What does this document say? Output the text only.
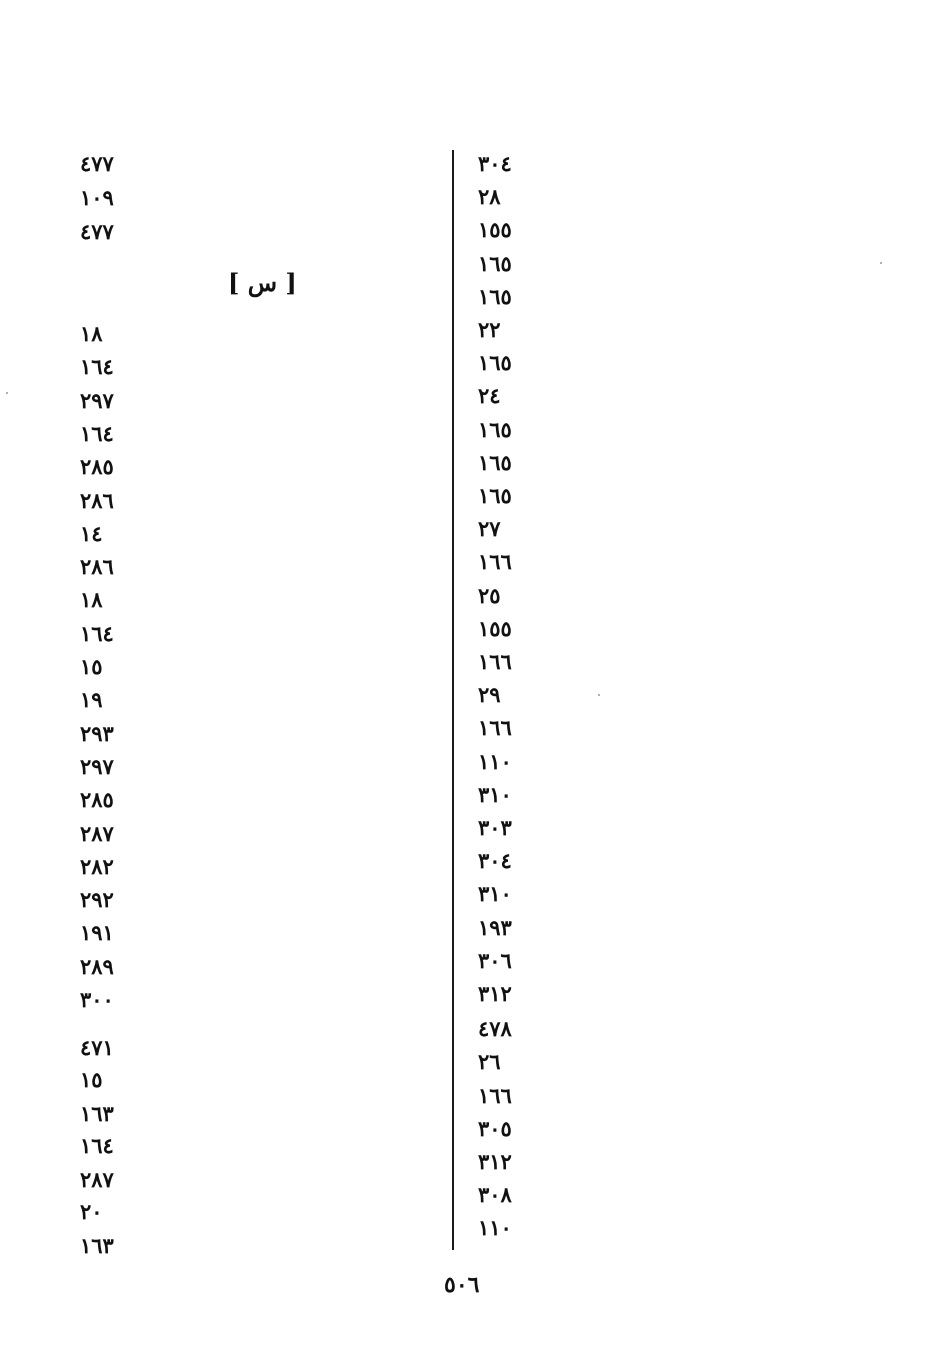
٣٠٤
٢٨
١٥٥
١٦٥
١٦٥
٢٢
١٦٥
٢٤
١٦٥
١٦٥
١٦٥
٢٧
١٦٦
٢٥
١٥٥
١٦٦
٢٩
١٦٦
١١٠
٣١٠
٣٠٣
٣٠٤
٣١٠
١٩٣
٣٠٦
٣١٢
٤٧٨
٢٦
١٦٦
٣٠٥
٣١٢
٣٠٨
١١٠
[ س ]
٤٧٧
١٠٩
٤٧٧
١٨
١٦٤
٢٩٧
١٦٤
٢٨٥
٢٨٦
١٤
٢٨٦
١٨
١٦٤
١٥
١٩
٢٩٣
٢٩٧
٢٨٥
٢٨٧
٢٨٢
٢٩٢
١٩١
٢٨٩
٣٠٠
٤٧١
١٥
١٦٣
١٦٤
٢٨٧
٢٠
١٦٣
٥٠٦
